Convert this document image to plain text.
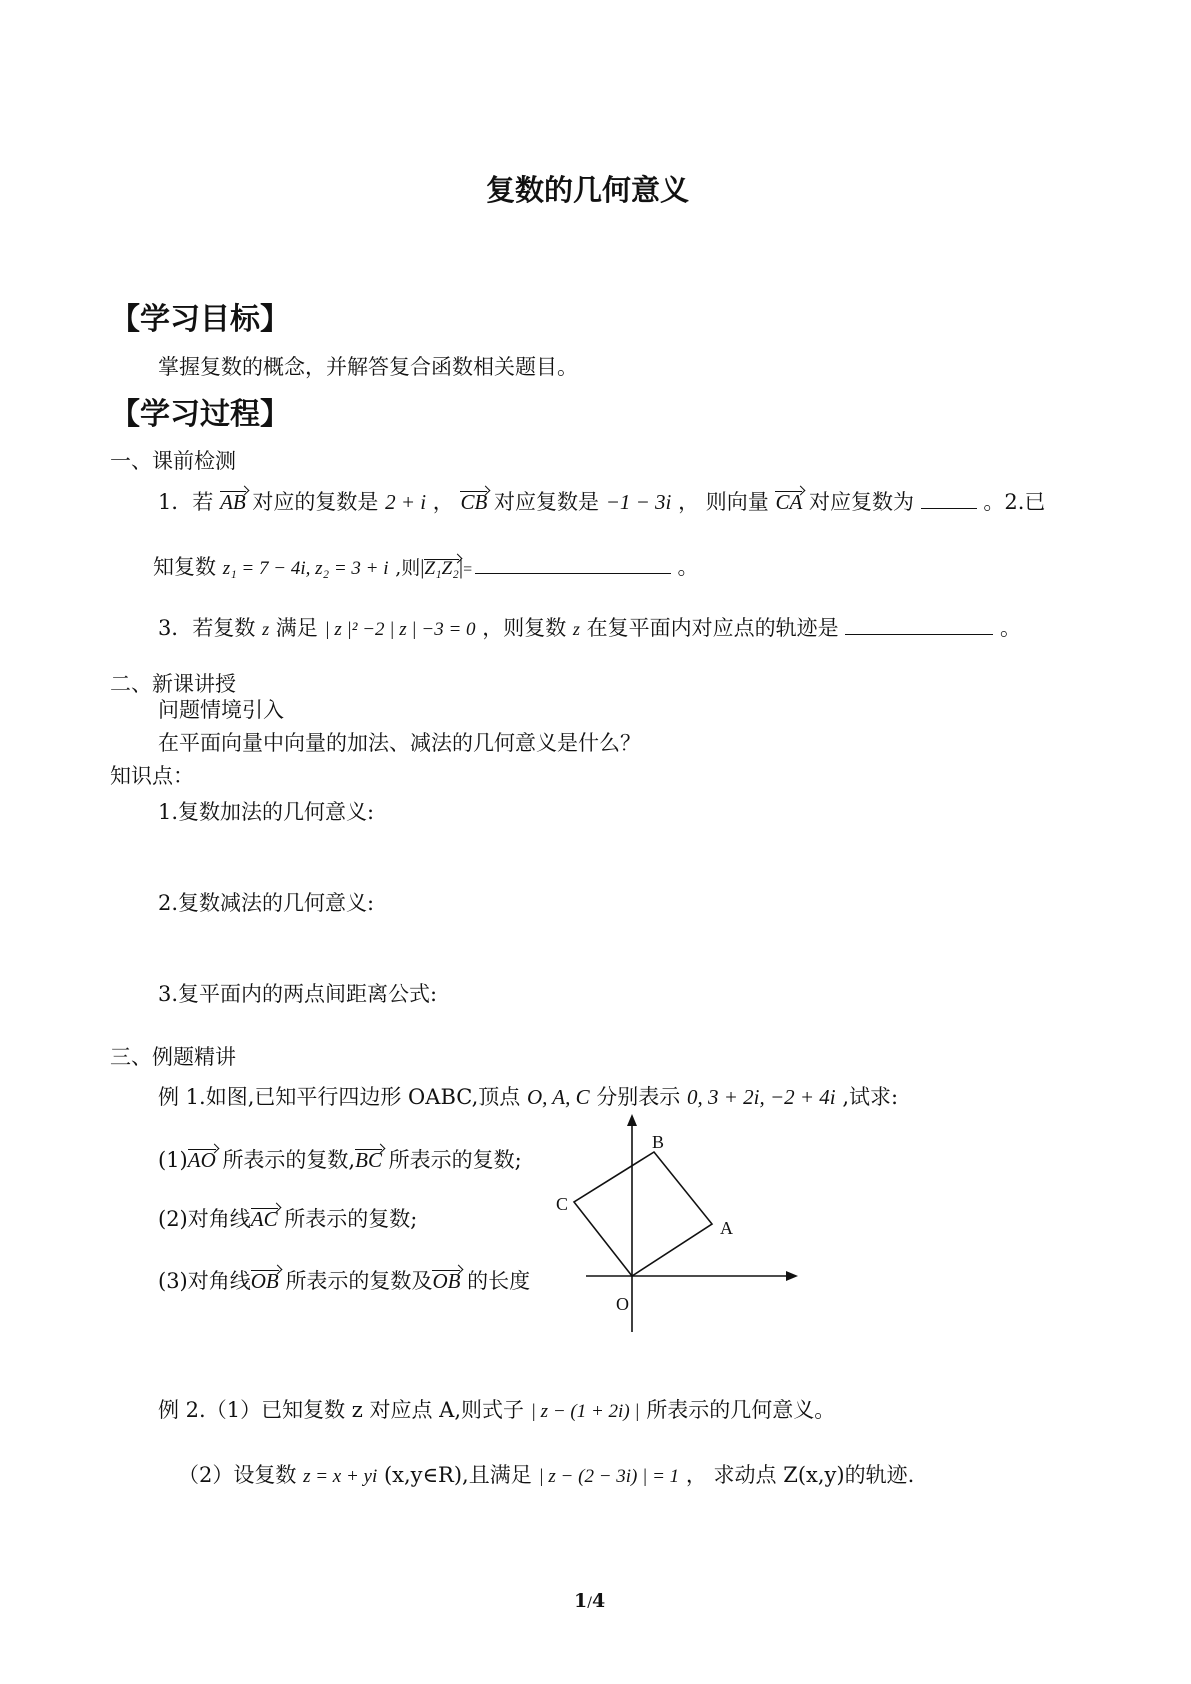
复数的几何意义
【学习目标】
掌握复数的概念，并解答复合函数相关题目。
【学习过程】
一、课前检测
1．若 AB 对应的复数是 2 + i ， CB 对应复数是 −1 − 3i ， 则向量 CA 对应复数为	。2.已
知复数 z₁ = 7 − 4i, z₂ = 3 + i ,则|Z₁Z₂|=	。
3．若复数 z 满足 | z |² −2 | z | −3 = 0 ，则复数 z 在复平面内对应点的轨迹是	。
二、新课讲授
问题情境引入
在平面向量中向量的加法、减法的几何意义是什么？
知识点：
1.复数加法的几何意义:
2.复数减法的几何意义:
3.复平面内的两点间距离公式:
三、例题精讲
例 1.如图,已知平行四边形 OABC,顶点 O, A, C 分别表示 0, 3 + 2i, −2 + 4i ,试求:
(1)AO 所表示的复数,BC 所表示的复数;
(2)对角线AC 所表示的复数;
(3)对角线OB 所表示的复数及OB 的长度
O
A
B
C
例 2.（1）已知复数 z 对应点 A,则式子 | z − (1 + 2i) | 所表示的几何意义。
（2）设复数 z = x + yi (x,y∈R),且满足 | z − (2 − 3i) | = 1 ， 求动点 Z(x,y)的轨迹.
1/4
